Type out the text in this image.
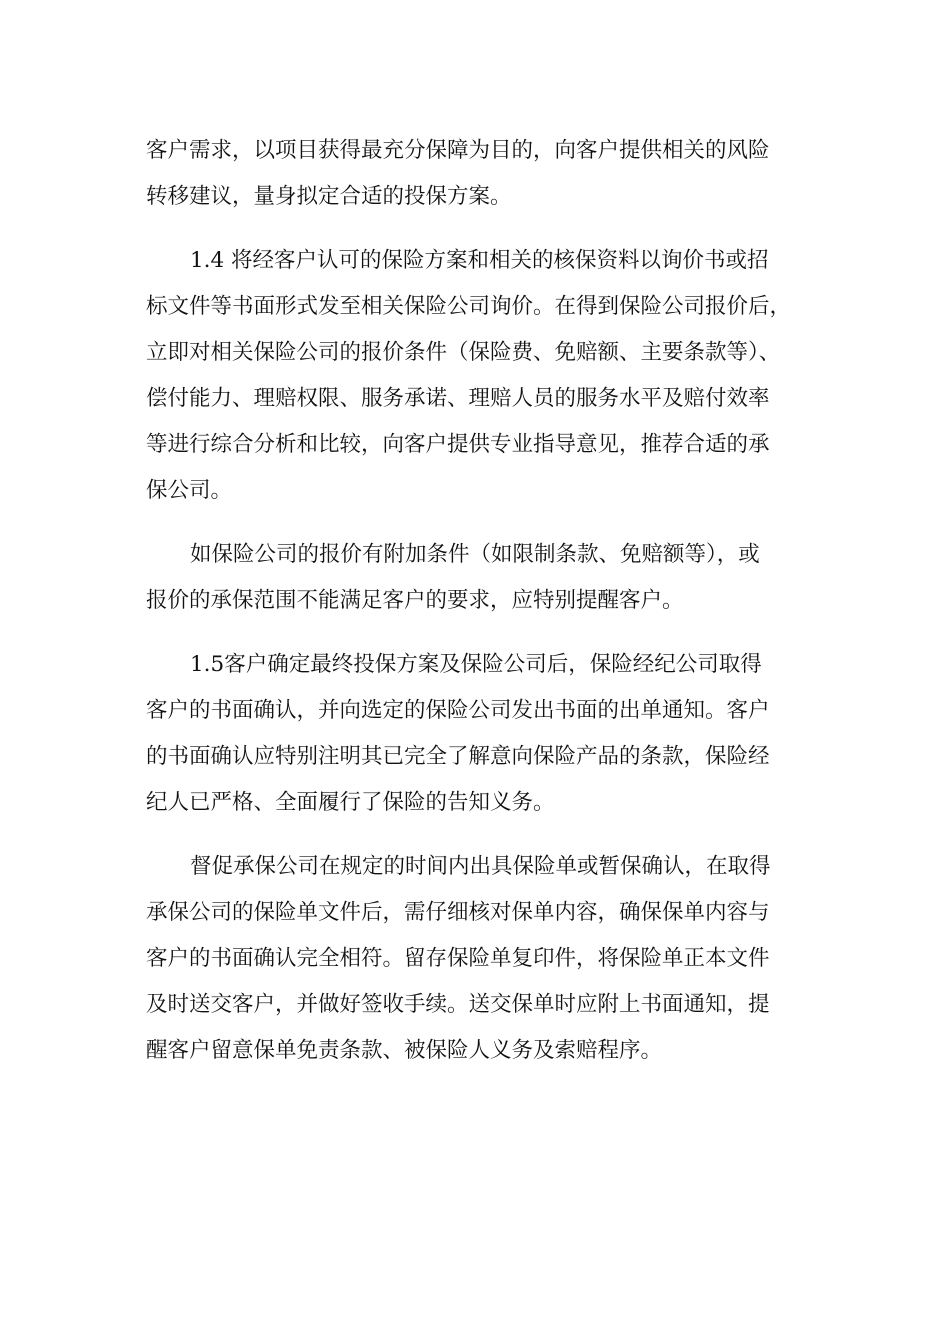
客户需求，以项目获得最充分保障为目的，向客户提供相关的风险
转移建议，量身拟定合适的投保方案。
1.4 将经客户认可的保险方案和相关的核保资料以询价书或招
标文件等书面形式发至相关保险公司询价。在得到保险公司报价后，
立即对相关保险公司的报价条件（保险费、免赔额、主要条款等）、
偿付能力、理赔权限、服务承诺、理赔人员的服务水平及赔付效率
等进行综合分析和比较，向客户提供专业指导意见，推荐合适的承
保公司。
如保险公司的报价有附加条件（如限制条款、免赔额等），或
报价的承保范围不能满足客户的要求，应特别提醒客户。
1.5客户确定最终投保方案及保险公司后，保险经纪公司取得
客户的书面确认，并向选定的保险公司发出书面的出单通知。客户
的书面确认应特别注明其已完全了解意向保险产品的条款，保险经
纪人已严格、全面履行了保险的告知义务。
督促承保公司在规定的时间内出具保险单或暂保确认，在取得
承保公司的保险单文件后，需仔细核对保单内容，确保保单内容与
客户的书面确认完全相符。留存保险单复印件，将保险单正本文件
及时送交客户，并做好签收手续。送交保单时应附上书面通知，提
醒客户留意保单免责条款、被保险人义务及索赔程序。
